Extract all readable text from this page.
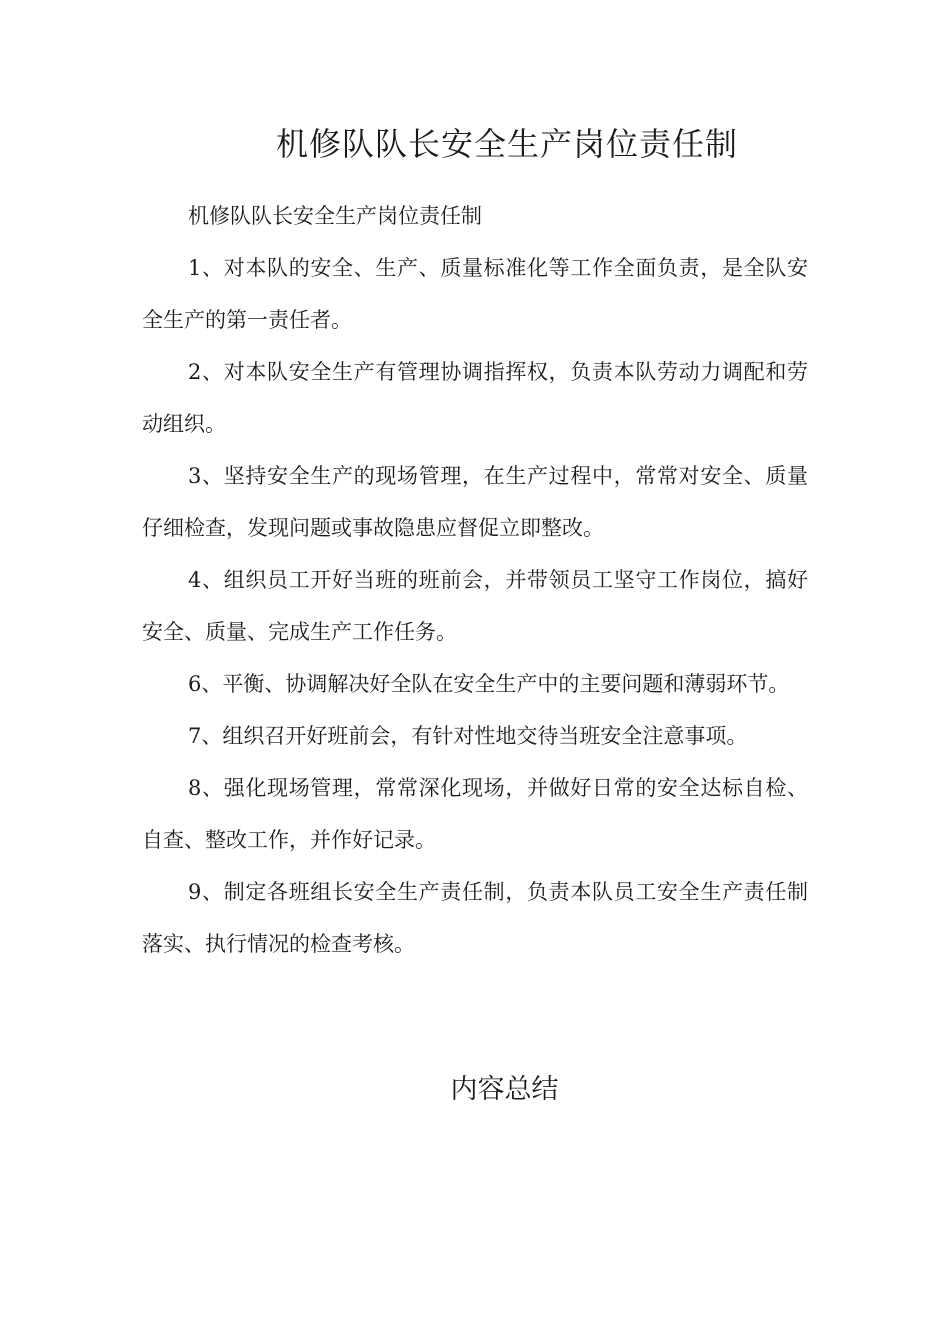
机修队队长安全生产岗位责任制

机修队队长安全生产岗位责任制

1、对本队的安全、生产、质量标准化等工作全面负责，是全队安全生产的第一责任者。

2、对本队安全生产有管理协调指挥权，负责本队劳动力调配和劳动组织。

3、坚持安全生产的现场管理，在生产过程中，常常对安全、质量仔细检查，发现问题或事故隐患应督促立即整改。

4、组织员工开好当班的班前会，并带领员工坚守工作岗位，搞好安全、质量、完成生产工作任务。

6、平衡、协调解决好全队在安全生产中的主要问题和薄弱环节。

7、组织召开好班前会，有针对性地交待当班安全注意事项。

8、强化现场管理，常常深化现场，并做好日常的安全达标自检、自查、整改工作，并作好记录。

9、制定各班组长安全生产责任制，负责本队员工安全生产责任制落实、执行情况的检查考核。

内容总结
